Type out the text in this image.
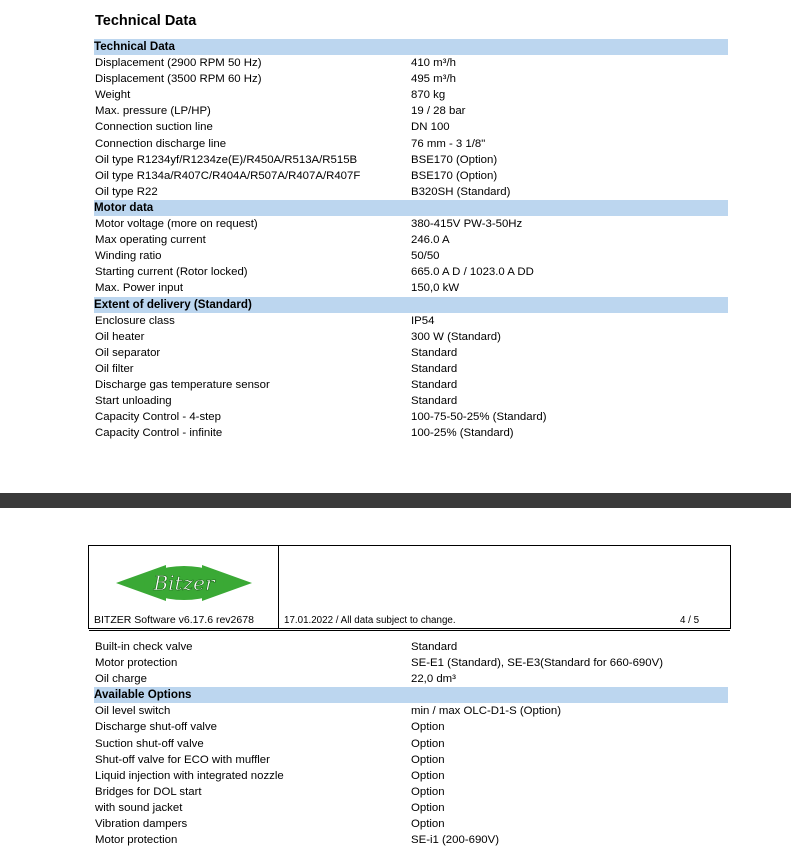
Technical Data
Technical Data
Displacement (2900 RPM 50 Hz)	410 m³/h
Displacement (3500 RPM 60 Hz)	495 m³/h
Weight	870 kg
Max. pressure (LP/HP)	19 / 28 bar
Connection suction line	DN 100
Connection discharge line	76 mm - 3 1/8"
Oil type R1234yf/R1234ze(E)/R450A/R513A/R515B	BSE170 (Option)
Oil type R134a/R407C/R404A/R507A/R407A/R407F	BSE170 (Option)
Oil type R22	B320SH (Standard)
Motor data
Motor voltage (more on request)	380-415V PW-3-50Hz
Max operating current	246.0 A
Winding ratio	50/50
Starting current (Rotor locked)	665.0 A D / 1023.0 A DD
Max. Power input	150,0 kW
Extent of delivery (Standard)
Enclosure class	IP54
Oil heater	300 W (Standard)
Oil separator	Standard
Oil filter	Standard
Discharge gas temperature sensor	Standard
Start unloading	Standard
Capacity Control - 4-step	100-75-50-25% (Standard)
Capacity Control - infinite	100-25% (Standard)
Bitzer
BITZER Software v6.17.6 rev2678	17.01.2022 / All data subject to change.	4 / 5
Built-in check valve	Standard
Motor protection	SE-E1 (Standard), SE-E3(Standard for 660-690V)
Oil charge	22,0 dm³
Available Options
Oil level switch	min / max OLC-D1-S (Option)
Discharge shut-off valve	Option
Suction shut-off valve	Option
Shut-off valve for ECO with muffler	Option
Liquid injection with integrated nozzle	Option
Bridges for DOL start	Option
with sound jacket	Option
Vibration dampers	Option
Motor protection	SE-i1 (200-690V)
